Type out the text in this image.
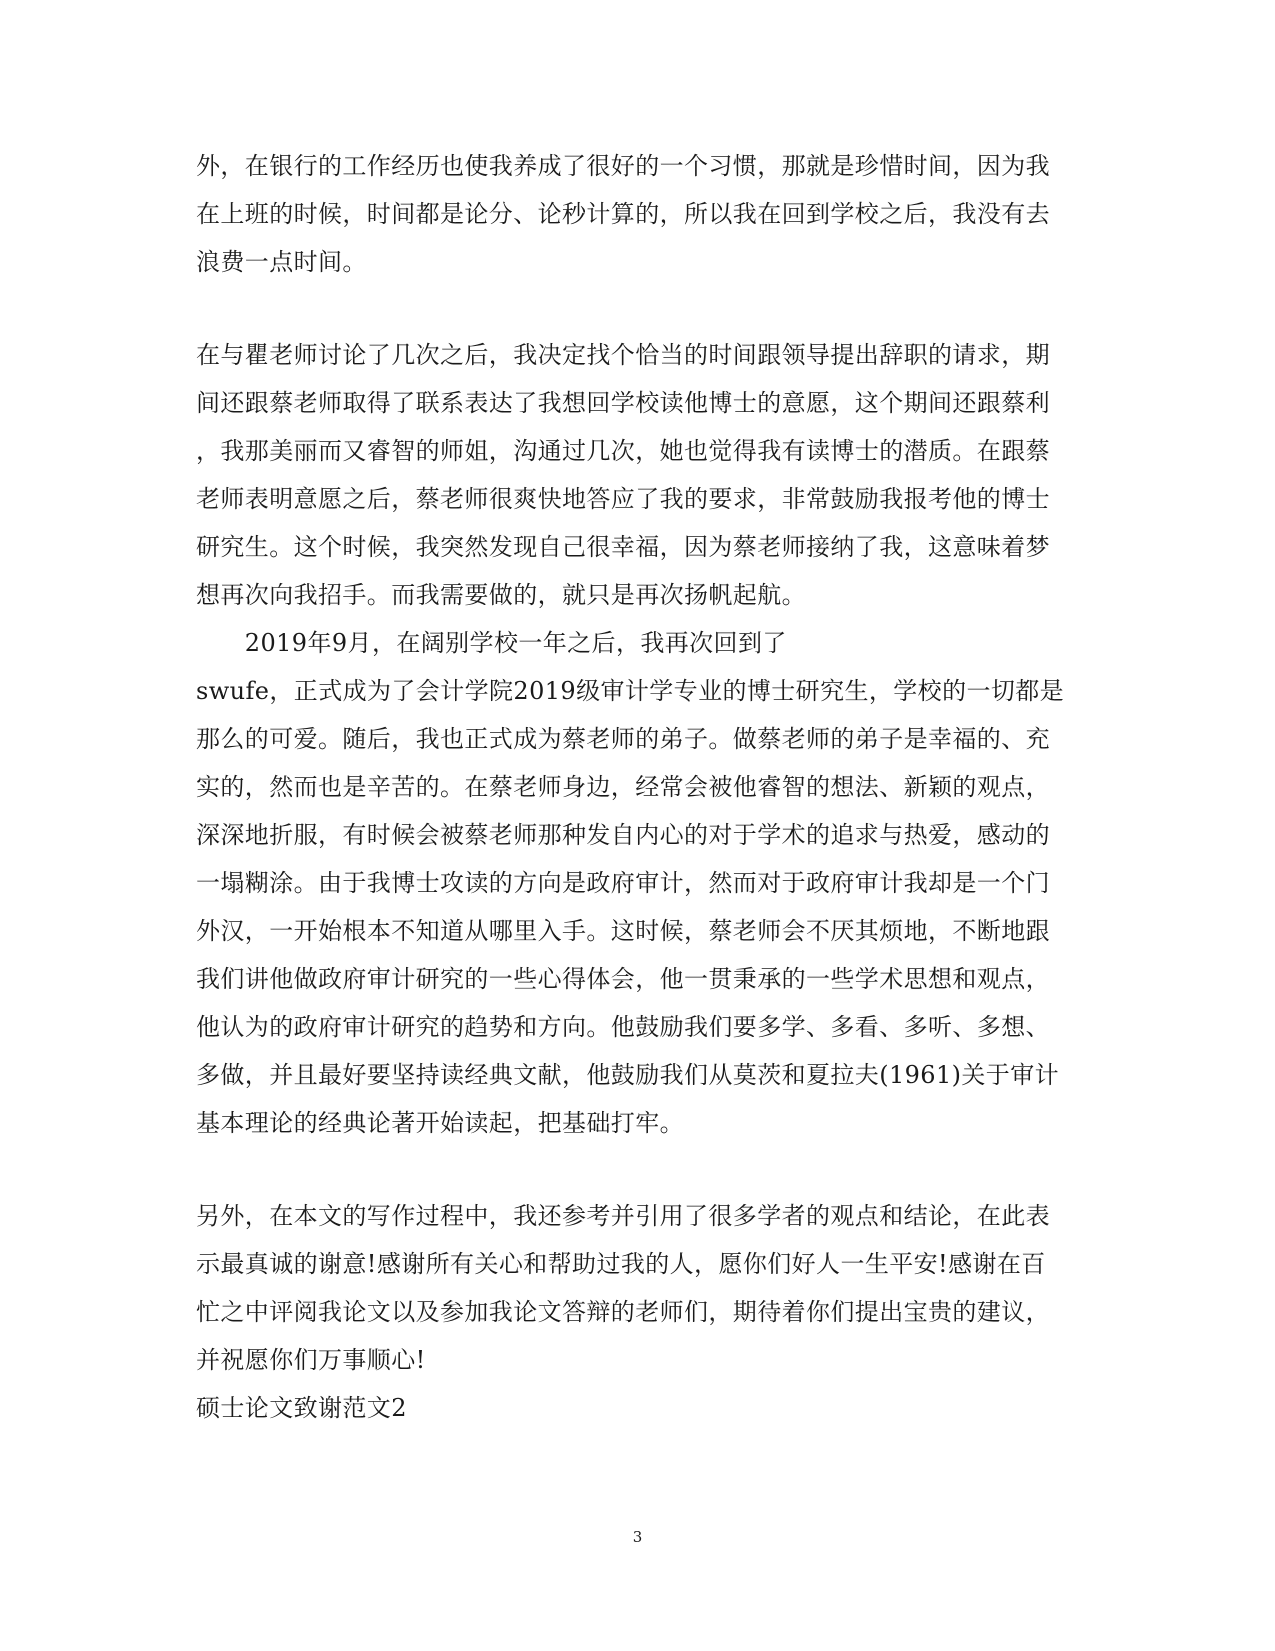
外，在银行的工作经历也使我养成了很好的一个习惯，那就是珍惜时间，因为我
在上班的时候，时间都是论分、论秒计算的，所以我在回到学校之后，我没有去
浪费一点时间。
在与瞿老师讨论了几次之后，我决定找个恰当的时间跟领导提出辞职的请求，期
间还跟蔡老师取得了联系表达了我想回学校读他博士的意愿，这个期间还跟蔡利
，我那美丽而又睿智的师姐，沟通过几次，她也觉得我有读博士的潜质。在跟蔡
老师表明意愿之后，蔡老师很爽快地答应了我的要求，非常鼓励我报考他的博士
研究生。这个时候，我突然发现自己很幸福，因为蔡老师接纳了我，这意味着梦
想再次向我招手。而我需要做的，就只是再次扬帆起航。
　　2019年9月，在阔别学校一年之后，我再次回到了
swufe，正式成为了会计学院2019级审计学专业的博士研究生，学校的一切都是
那么的可爱。随后，我也正式成为蔡老师的弟子。做蔡老师的弟子是幸福的、充
实的，然而也是辛苦的。在蔡老师身边，经常会被他睿智的想法、新颖的观点，
深深地折服，有时候会被蔡老师那种发自内心的对于学术的追求与热爱，感动的
一塌糊涂。由于我博士攻读的方向是政府审计，然而对于政府审计我却是一个门
外汉，一开始根本不知道从哪里入手。这时候，蔡老师会不厌其烦地，不断地跟
我们讲他做政府审计研究的一些心得体会，他一贯秉承的一些学术思想和观点，
他认为的政府审计研究的趋势和方向。他鼓励我们要多学、多看、多听、多想、
多做，并且最好要坚持读经典文献，他鼓励我们从莫茨和夏拉夫(1961)关于审计
基本理论的经典论著开始读起，把基础打牢。
另外，在本文的写作过程中，我还参考并引用了很多学者的观点和结论，在此表
示最真诚的谢意!感谢所有关心和帮助过我的人，愿你们好人一生平安!感谢在百
忙之中评阅我论文以及参加我论文答辩的老师们，期待着你们提出宝贵的建议，
并祝愿你们万事顺心!
硕士论文致谢范文2
3
